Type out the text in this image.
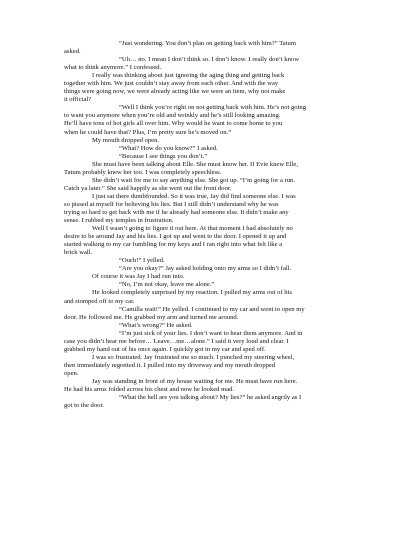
“Just wondering. You don’t plan on getting back with him?” Tatum
asked.
“Uh… no. I mean I don’t think so. I don’t know. I really don’t know
what to think anymore.” I confessed.
I really was thinking about just ignoring the aging thing and getting back
together with him. We just couldn’t stay away from each other. And with the way
things were going now, we were already acting like we were an item, why not make
it official?
“Well I think you’re right on not getting back with him. He’s not going
to want you anymore when you’re old and wrinkly and he’s still looking amazing.
He’ll have tons of hot girls all over him. Why would he want to come home to you
when he could have that? Plus, I’m pretty sure he’s moved on.”
My mouth dropped open.
“What? How do you know?” I asked.
“Because I see things you don’t.”
She must have been talking about Elle. She must know her. If Evie knew Elle,
Tatum probably knew her too. I was completely speechless.
She didn’t wait for me to say anything else. She got up. “I’m going for a run.
Catch ya later.” She said happily as she went out the front door.
I just sat there dumbfounded. So it was true, Jay did find someone else. I was
so pissed at myself for believing his lies. But I still didn’t understand why he was
trying so hard to get back with me if he already had someone else. It didn’t make any
sense. I rubbed my temples in frustration.
Well I wasn’t going to figure it out here. At that moment I had absolutely no
desire to be around Jay and his lies. I got up and went to the door. I opened it up and
started walking to my car fumbling for my keys and I ran right into what felt like a
brick wall.
“Ouch!” I yelled.
“Are you okay?” Jay asked holding onto my arms so I didn’t fall.
Of course it was Jay I had run into.
“No, I’m not okay, leave me alone.”
He looked completely surprised by my reaction. I pulled my arms out of his
and stomped off to my car.
“Camilla wait!” He yelled. I continued to my car and went to open my
door. He followed me. He grabbed my arm and turned me around.
“What’s wrong?” He asked.
“I’m just sick of your lies. I don’t want to hear them anymore. And in
case you didn’t hear me before… Leave…me…alone.” I said it very loud and clear. I
grabbed my hand out of his once again. I quickly got in my car and sped off.
I was so frustrated. Jay frustrated me so much. I punched my steering wheel,
then immediately regretted it. I pulled into my driveway and my mouth dropped
open.
Jay was standing in front of my house waiting for me. He must have run here.
He had his arms folded across his chest and now he looked mad.
“What the hell are you talking about? My lies?” he asked angrily as I
got to the door.
